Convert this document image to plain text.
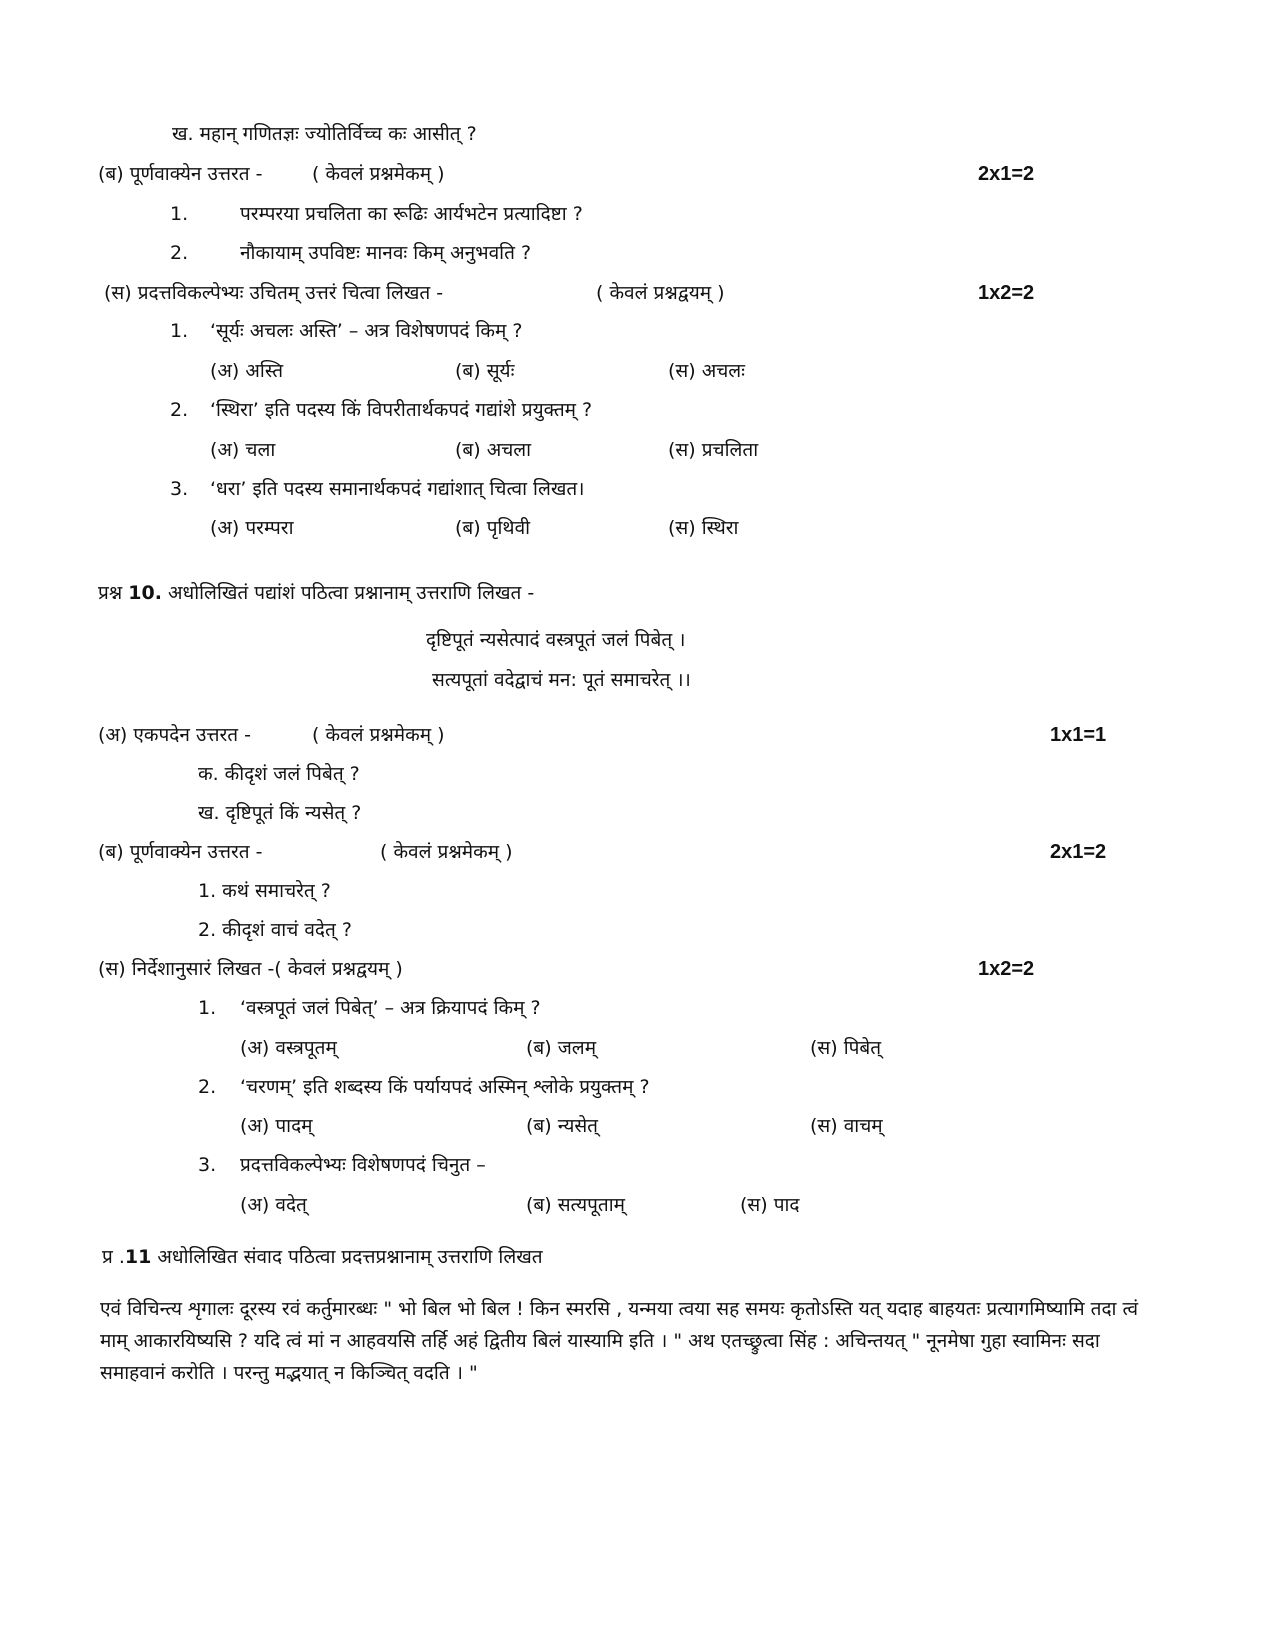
ख. महान् गणितज्ञः ज्योतिर्विच्च कः आसीत् ?
(ब) पूर्णवाक्येन उत्तरत -	( केवलं प्रश्नमेकम् )	2x1=2
1.	परम्परया प्रचलिता का रूढिः आर्यभटेन प्रत्यादिष्टा ?
2.	नौकायाम् उपविष्टः मानवः किम् अनुभवति ?
(स) प्रदत्तविकल्पेभ्यः उचितम् उत्तरं चित्वा लिखत -	( केवलं प्रश्नद्वयम् )	1x2=2
1. ‘सूर्यः अचलः अस्ति’ – अत्र विशेषणपदं किम् ?
(अ) अस्ति	(ब) सूर्यः	(स) अचलः
2. ‘स्थिरा’ इति पदस्य किं विपरीतार्थकपदं गद्यांशे प्रयुक्तम् ?
(अ) चला	(ब) अचला	(स) प्रचलिता
3. ‘धरा’ इति पदस्य समानार्थकपदं गद्यांशात् चित्वा लिखत।
(अ) परम्परा	(ब) पृथिवी	(स) स्थिरा
प्रश्न 10. अधोलिखितं पद्यांशं पठित्वा प्रश्नानाम् उत्तराणि लिखत -
दृष्टिपूतं न्यसेत्पादं वस्त्रपूतं जलं पिबेत् ।
सत्यपूतां वदेद्वाचं मन: पूतं समाचरेत् ।।
(अ) एकपदेन उत्तरत -	( केवलं प्रश्नमेकम् )	1x1=1
क. कीदृशं जलं पिबेत् ?
ख. दृष्टिपूतं किं न्यसेत् ?
(ब) पूर्णवाक्येन उत्तरत -	( केवलं प्रश्नमेकम् )	2x1=2
1. कथं समाचरेत् ?
2. कीदृशं वाचं वदेत् ?
(स) निर्देशानुसारं लिखत -( केवलं प्रश्नद्वयम् )	1x2=2
1. ‘वस्त्रपूतं जलं पिबेत्’ – अत्र क्रियापदं किम् ?
(अ) वस्त्रपूतम्	(ब) जलम्	(स) पिबेत्
2. ‘चरणम्’ इति शब्दस्य किं पर्यायपदं अस्मिन् श्लोके प्रयुक्तम् ?
(अ) पादम्	(ब) न्यसेत्	(स) वाचम्
3. प्रदत्तविकल्पेभ्यः विशेषणपदं चिनुत –
(अ) वदेत्	(ब) सत्यपूताम्	(स) पाद
प्र .11 अधोलिखित संवाद पठित्वा प्रदत्तप्रश्नानाम् उत्तराणि लिखत
एवं विचिन्त्य शृगालः दूरस्य रवं कर्तुमारब्धः " भो बिल भो बिल ! किन स्मरसि , यन्मया त्वया सह समयः कृतोऽस्ति यत् यदाह बाहयतः प्रत्यागमिष्यामि तदा त्वं माम् आकारयिष्यसि ? यदि त्वं मां न आहवयसि तर्हि अहं द्वितीय बिलं यास्यामि इति । " अथ एतच्छ्रुत्वा सिंह : अचिन्तयत् " नूनमेषा गुहा स्वामिनः सदा समाहवानं करोति । परन्तु मद्भयात् न किञ्चित् वदति । "
